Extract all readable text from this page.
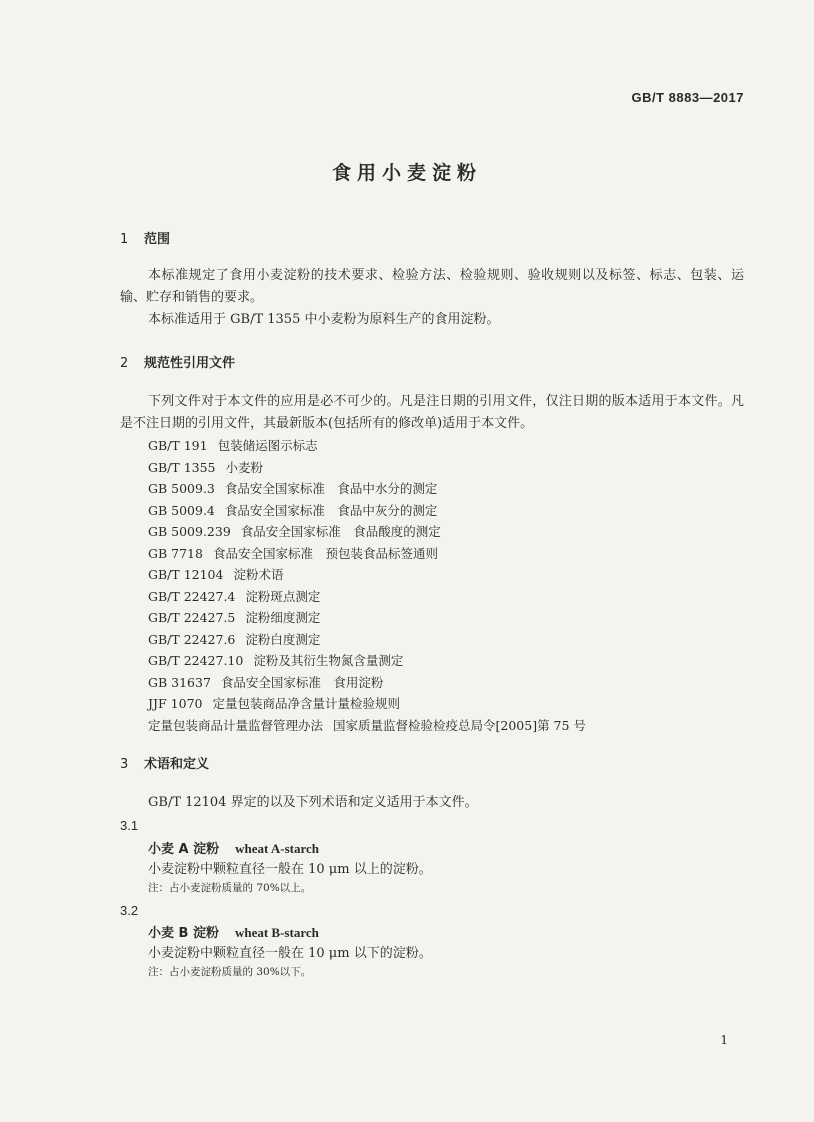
GB/T 8883—2017
食用小麦淀粉
1 范围
本标准规定了食用小麦淀粉的技术要求、检验方法、检验规则、验收规则以及标签、标志、包装、运输、贮存和销售的要求。
本标准适用于 GB/T 1355 中小麦粉为原料生产的食用淀粉。
2 规范性引用文件
下列文件对于本文件的应用是必不可少的。凡是注日期的引用文件，仅注日期的版本适用于本文件。凡是不注日期的引用文件，其最新版本(包括所有的修改单)适用于本文件。
GB/T 191 包装储运图示标志
GB/T 1355 小麦粉
GB 5009.3 食品安全国家标准　食品中水分的测定
GB 5009.4 食品安全国家标准　食品中灰分的测定
GB 5009.239 食品安全国家标准　食品酸度的测定
GB 7718 食品安全国家标准　预包装食品标签通则
GB/T 12104 淀粉术语
GB/T 22427.4 淀粉斑点测定
GB/T 22427.5 淀粉细度测定
GB/T 22427.6 淀粉白度测定
GB/T 22427.10 淀粉及其衍生物氮含量测定
GB 31637 食品安全国家标准　食用淀粉
JJF 1070 定量包装商品净含量计量检验规则
定量包装商品计量监督管理办法 国家质量监督检验检疫总局令[2005]第 75 号
3 术语和定义
GB/T 12104 界定的以及下列术语和定义适用于本文件。
3.1
小麦 A 淀粉 wheat A-starch
小麦淀粉中颗粒直径一般在 10 μm 以上的淀粉。
注：占小麦淀粉质量的 70%以上。
3.2
小麦 B 淀粉 wheat B-starch
小麦淀粉中颗粒直径一般在 10 μm 以下的淀粉。
注：占小麦淀粉质量的 30%以下。
1
